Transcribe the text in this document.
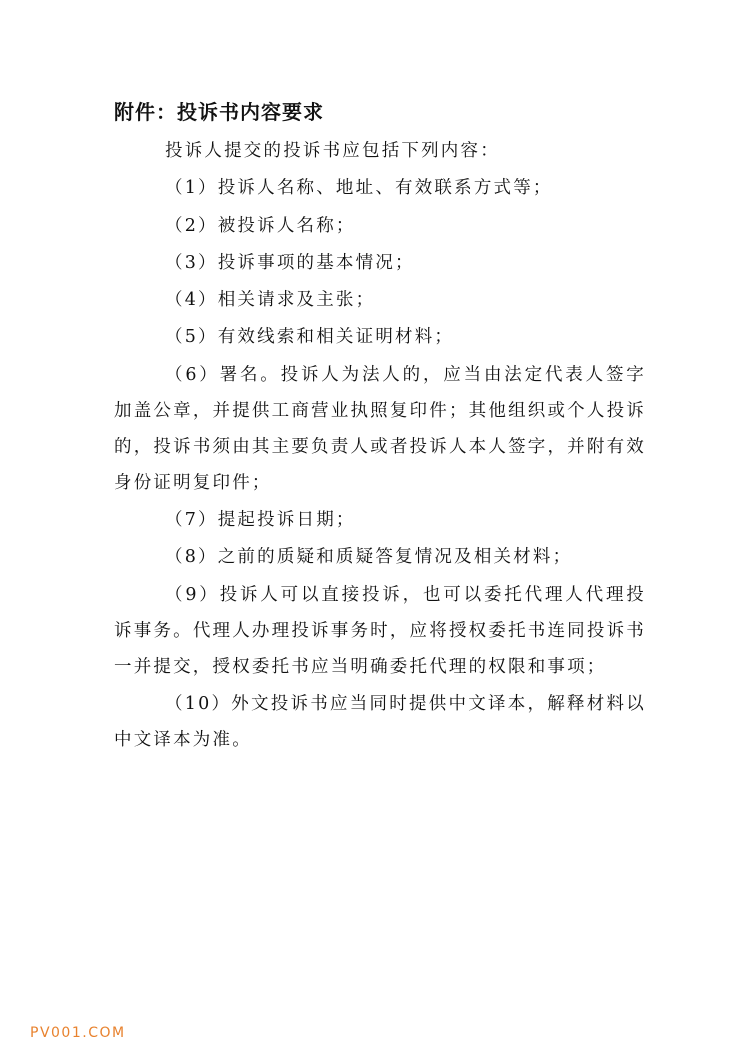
附件：投诉书内容要求

投诉人提交的投诉书应包括下列内容：

（1）投诉人名称、地址、有效联系方式等；

（2）被投诉人名称；

（3）投诉事项的基本情况；

（4）相关请求及主张；

（5）有效线索和相关证明材料；

（6）署名。投诉人为法人的，应当由法定代表人签字加盖公章，并提供工商营业执照复印件；其他组织或个人投诉的，投诉书须由其主要负责人或者投诉人本人签字，并附有效身份证明复印件；

（7）提起投诉日期；

（8）之前的质疑和质疑答复情况及相关材料；

（9）投诉人可以直接投诉，也可以委托代理人代理投诉事务。代理人办理投诉事务时，应将授权委托书连同投诉书一并提交，授权委托书应当明确委托代理的权限和事项；

（10）外文投诉书应当同时提供中文译本，解释材料以中文译本为准。

PV001.COM
